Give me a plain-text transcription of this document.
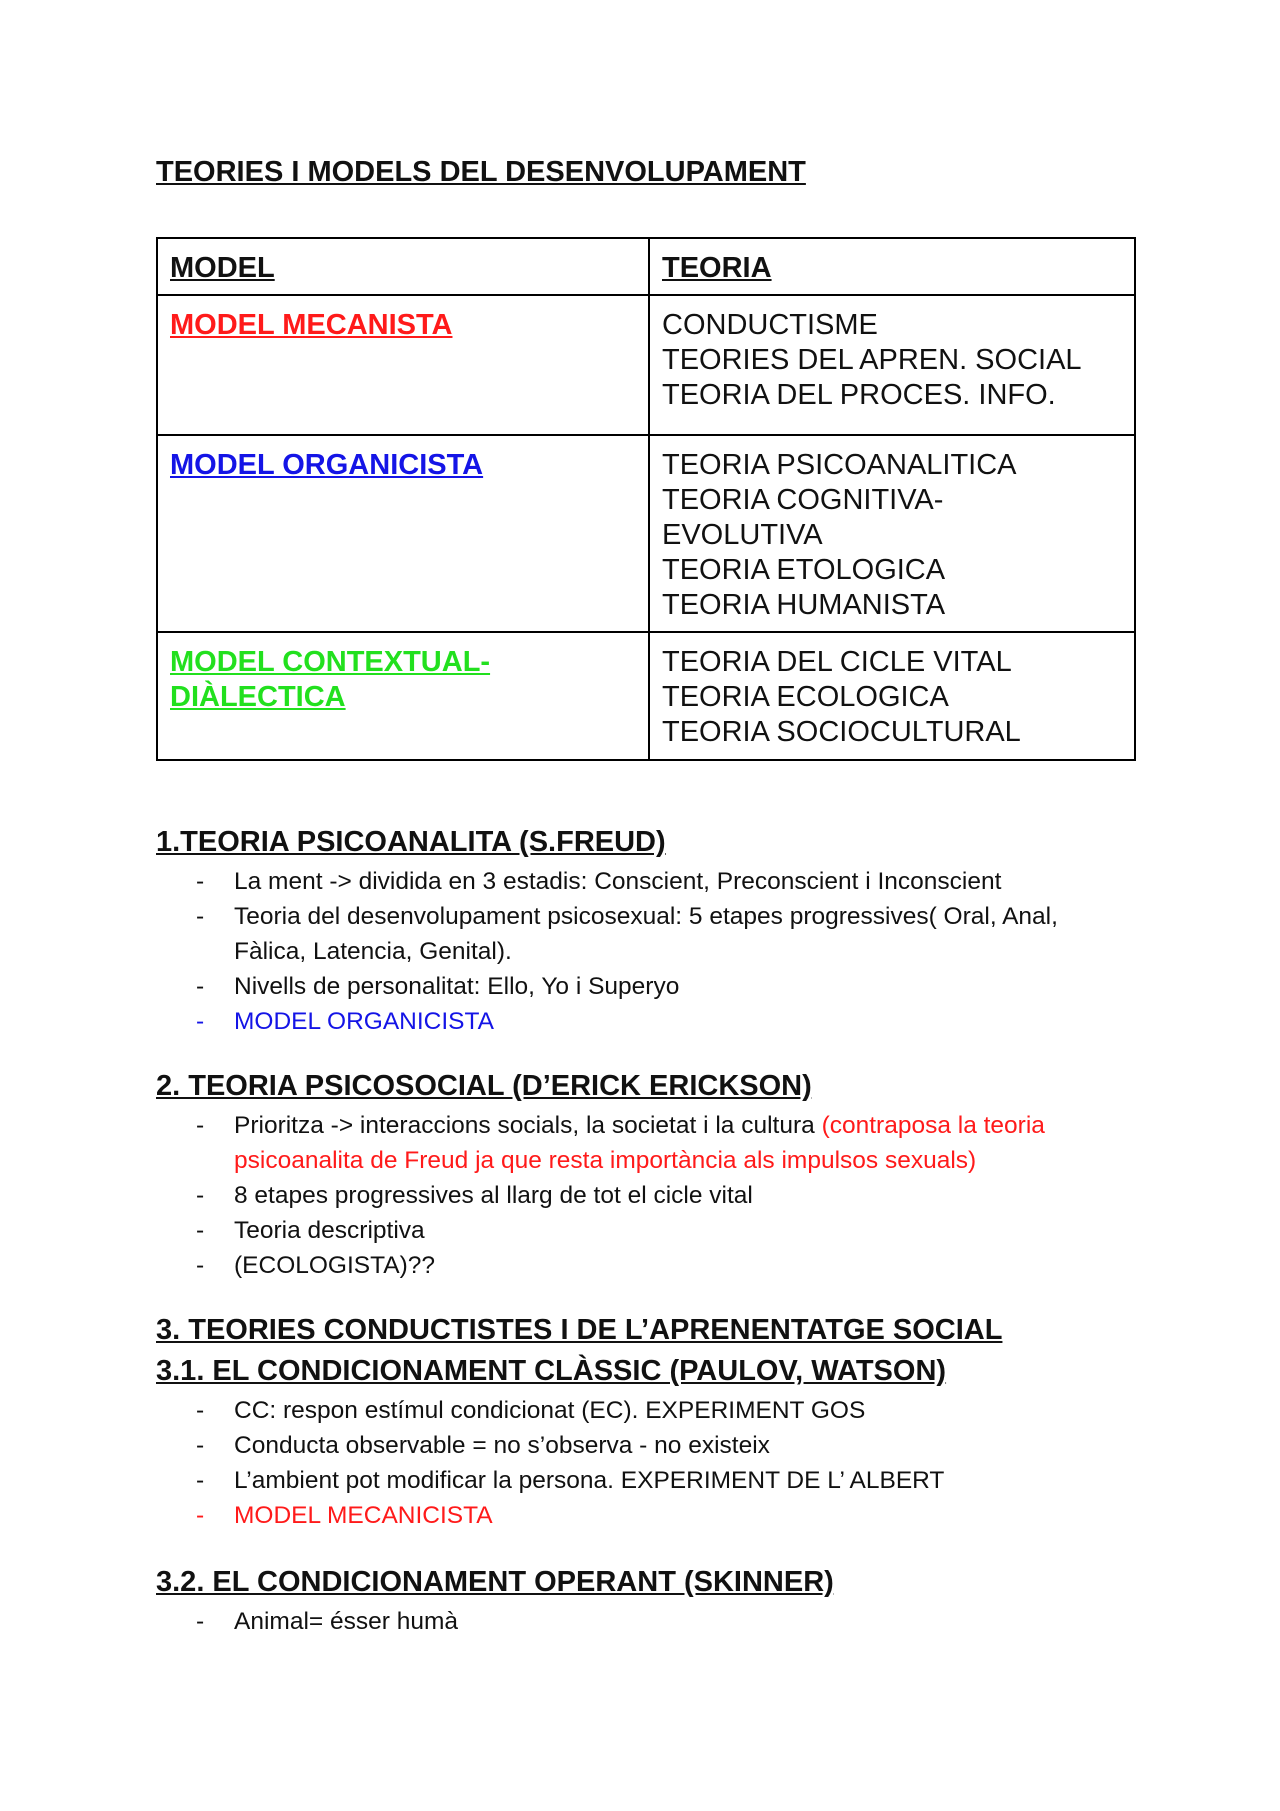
TEORIES I MODELS DEL DESENVOLUPAMENT
MODEL	TEORIA
MODEL MECANISTA	CONDUCTISME
TEORIES DEL APREN. SOCIAL
TEORIA DEL PROCES. INFO.

MODEL ORGANICISTA	TEORIA PSICOANALITICA
TEORIA COGNITIVA-
EVOLUTIVA
TEORIA ETOLOGICA
TEORIA HUMANISTA

MODEL CONTEXTUAL-
DIÀLECTICA	TEORIA DEL CICLE VITAL
TEORIA ECOLOGICA
TEORIA SOCIOCULTURAL
1.TEORIA PSICOANALITA (S.FREUD)
- La ment -> dividida en 3 estadis: Conscient, Preconscient i Inconscient
- Teoria del desenvolupament psicosexual: 5 etapes progressives( Oral, Anal, Fàlica, Latencia, Genital).
- Nivells de personalitat: Ello, Yo i Superyo
- MODEL ORGANICISTA
2. TEORIA PSICOSOCIAL (D’ERICK ERICKSON)
- Prioritza -> interaccions socials, la societat i la cultura (contraposa la teoria psicoanalita de Freud ja que resta importància als impulsos sexuals)
- 8 etapes progressives al llarg de tot el cicle vital
- Teoria descriptiva
- (ECOLOGISTA)??
3. TEORIES CONDUCTISTES I DE L’APRENENTATGE SOCIAL
3.1. EL CONDICIONAMENT CLÀSSIC (PAULOV, WATSON)
- CC: respon estímul condicionat (EC). EXPERIMENT GOS
- Conducta observable = no s’observa - no existeix
- L’ambient pot modificar la persona. EXPERIMENT DE L’ ALBERT
- MODEL MECANICISTA
3.2. EL CONDICIONAMENT OPERANT (SKINNER)
- Animal= ésser humà
